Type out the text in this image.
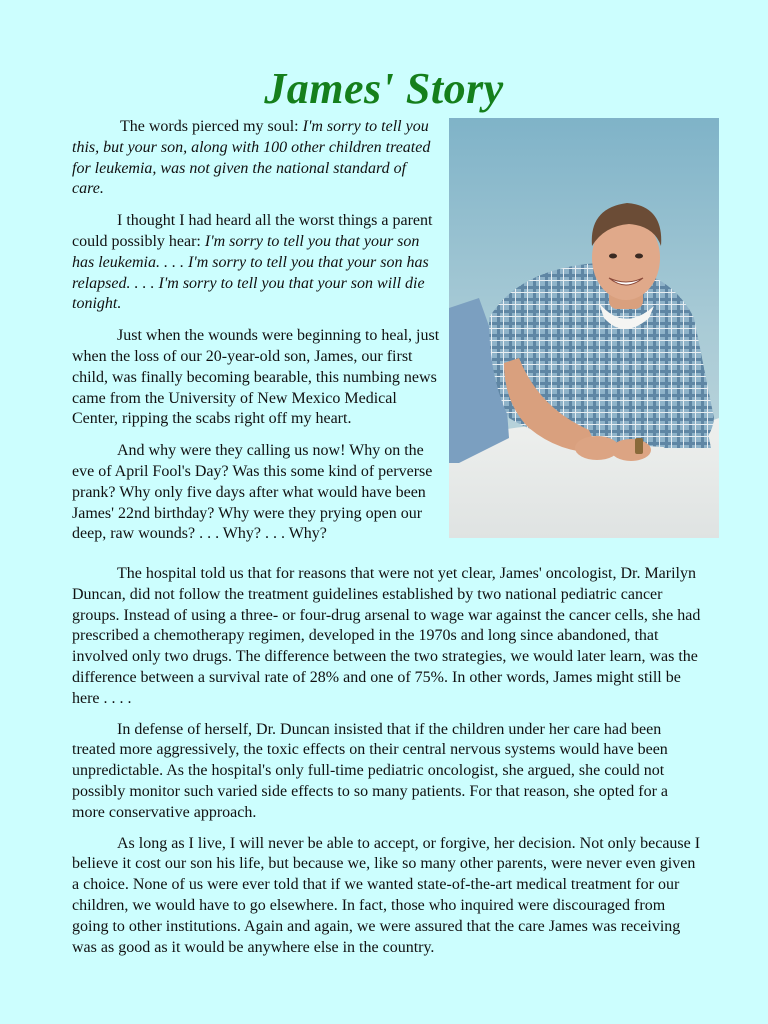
James' Story

The words pierced my soul: I'm sorry to tell you this, but your son, along with 100 other children treated for leukemia, was not given the national standard of care.

I thought I had heard all the worst things a parent could possibly hear: I'm sorry to tell you that your son has leukemia. . . . I'm sorry to tell you that your son has relapsed. . . . I'm sorry to tell you that your son will die tonight.

Just when the wounds were beginning to heal, just when the loss of our 20-year-old son, James, our first child, was finally becoming bearable, this numbing news came from the University of New Mexico Medical Center, ripping the scabs right off my heart.

And why were they calling us now! Why on the eve of April Fool's Day? Was this some kind of perverse prank? Why only five days after what would have been James' 22nd birthday? Why were they prying open our deep, raw wounds? . . . Why? . . . Why?

The hospital told us that for reasons that were not yet clear, James' oncologist, Dr. Marilyn Duncan, did not follow the treatment guidelines established by two national pediatric cancer groups. Instead of using a three- or four-drug arsenal to wage war against the cancer cells, she had prescribed a chemotherapy regimen, developed in the 1970s and long since abandoned, that involved only two drugs. The difference between the two strategies, we would later learn, was the difference between a survival rate of 28% and one of 75%. In other words, James might still be here . . . .

In defense of herself, Dr. Duncan insisted that if the children under her care had been treated more aggressively, the toxic effects on their central nervous systems would have been unpredictable. As the hospital's only full-time pediatric oncologist, she argued, she could not possibly monitor such varied side effects to so many patients. For that reason, she opted for a more conservative approach.

As long as I live, I will never be able to accept, or forgive, her decision. Not only because I believe it cost our son his life, but because we, like so many other parents, were never even given a choice. None of us were ever told that if we wanted state-of-the-art medical treatment for our children, we would have to go elsewhere. In fact, those who inquired were discouraged from going to other institutions. Again and again, we were assured that the care James was receiving was as good as it would be anywhere else in the country.
